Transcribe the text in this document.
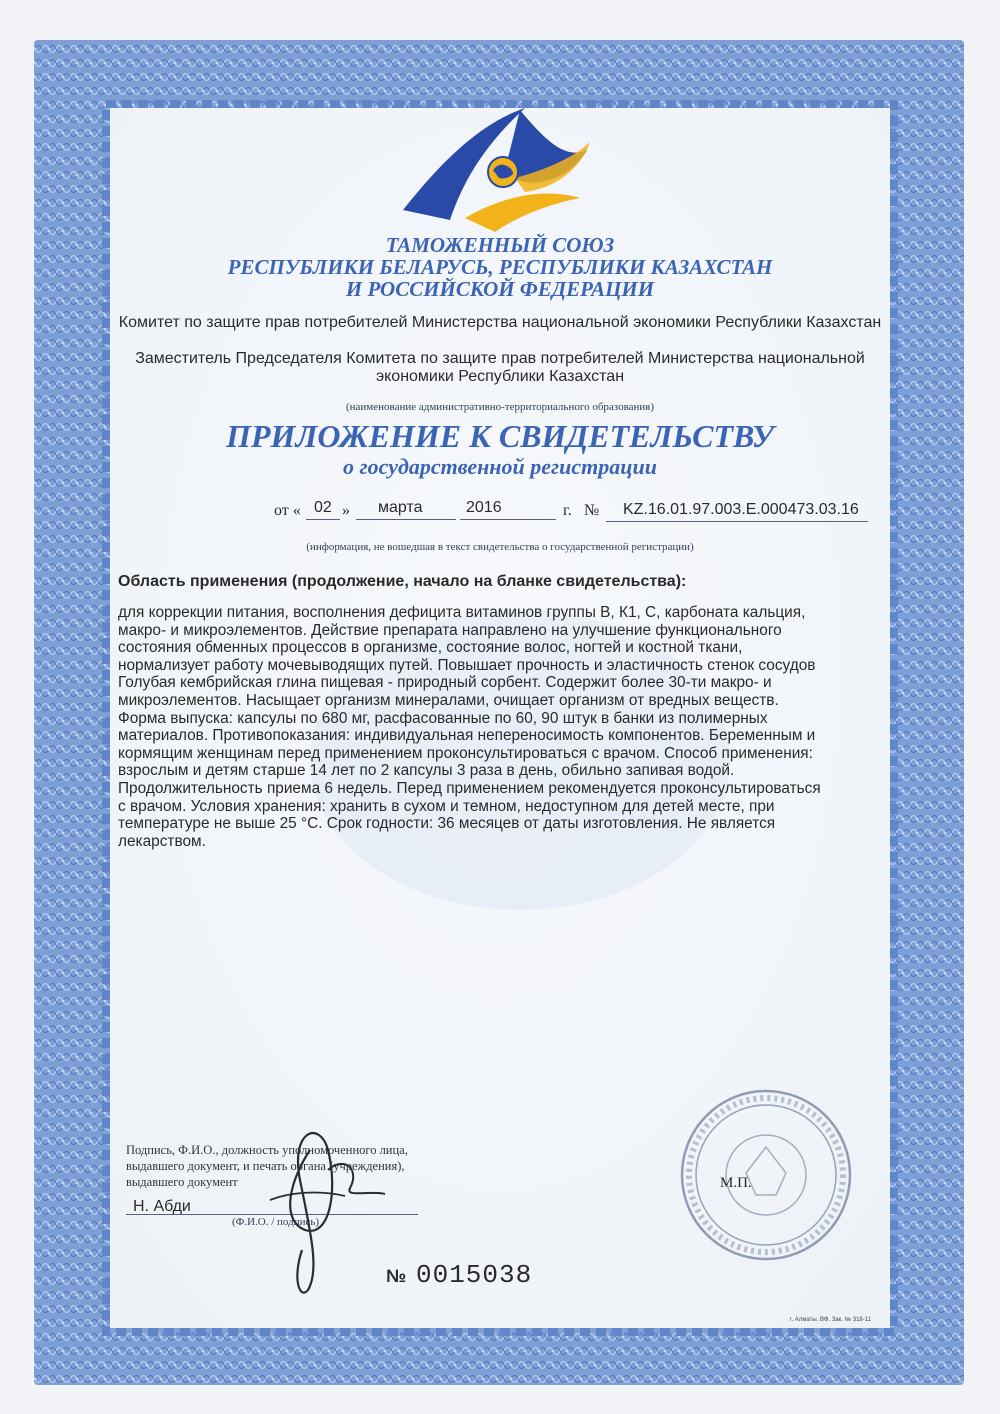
ТАМОЖЕННЫЙ СОЮЗ
РЕСПУБЛИКИ БЕЛАРУСЬ, РЕСПУБЛИКИ КАЗАХСТАН
И РОССИЙСКОЙ ФЕДЕРАЦИИ
Комитет по защите прав потребителей Министерства национальной экономики Республики Казахстан
Заместитель Председателя Комитета по защите прав потребителей Министерства национальной экономики Республики Казахстан
(наименование административно-территориального образования)
ПРИЛОЖЕНИЕ К СВИДЕТЕЛЬСТВУ
о государственной регистрации
от « 02 » марта	2016	г. № KZ.16.01.97.003.E.000473.03.16
(информация, не вошедшая в текст свидетельства о государственной регистрации)
Область применения (продолжение, начало на бланке свидетельства):

для коррекции питания, восполнения дефицита витаминов группы В, К1, С, карбоната кальция,

макро- и микроэлементов. Действие препарата направлено на улучшение функционального

состояния обменных процессов в организме, состояние волос, ногтей и костной ткани,

нормализует работу мочевыводящих путей. Повышает прочность и эластичность стенок сосудов

Голубая кембрийская глина пищевая - природный сорбент. Содержит более 30-ти макро- и

микроэлементов. Насыщает организм минералами, очищает организм от вредных веществ.

Форма выпуска: капсулы по 680 мг, расфасованные по 60, 90 штук в банки из полимерных

материалов. Противопоказания: индивидуальная непереносимость компонентов. Беременным и

кормящим женщинам перед применением проконсультироваться с врачом. Способ применения:

взрослым и детям старше 14 лет по 2 капсулы 3 раза в день, обильно запивая водой.

Продолжительность приема 6 недель. Перед применением рекомендуется проконсультироваться

с врачом. Условия хранения: хранить в сухом и темном, недоступном для детей месте, при

температуре не выше 25 °С. Срок годности: 36 месяцев от даты изготовления. Не является

лекарством.

Подпись, Ф.И.О., должность уполномоченного лица,
выдавшего документ, и печать органа (учреждения),
выдавшего документ
Н. Абди
(Ф.И.О. / подпись)
М.П.
№ 0015038
г. Алматы. ВФ. Зак. № 318-11
